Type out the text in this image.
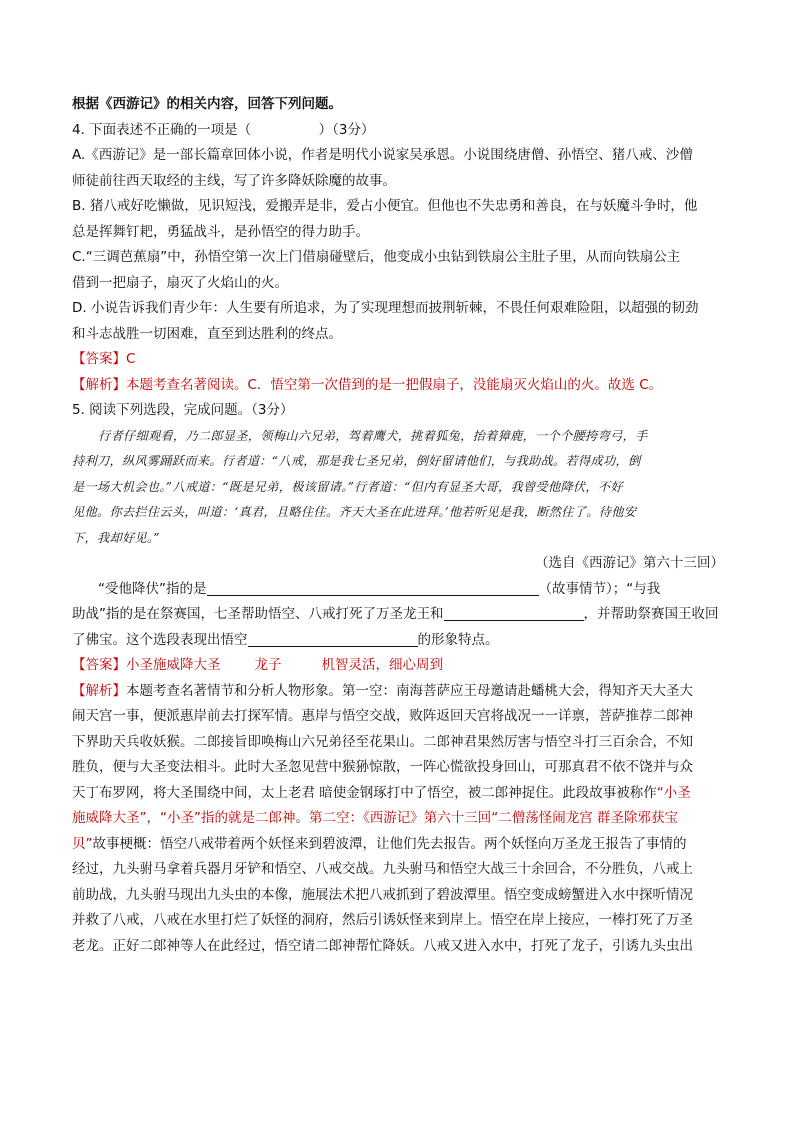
根据《西游记》的相关内容，回答下列问题。
4. 下面表述不正确的一项是（　　　　　）（3分）
A.《西游记》是一部长篇章回体小说，作者是明代小说家吴承恩。小说围绕唐僧、孙悟空、猪八戒、沙僧
师徒前往西天取经的主线，写了许多降妖除魔的故事。
B. 猪八戒好吃懒做，见识短浅，爱搬弄是非，爱占小便宜。但他也不失忠勇和善良，在与妖魔斗争时，他
总是挥舞钉耙，勇猛战斗，是孙悟空的得力助手。
C.“三调芭蕉扇”中，孙悟空第一次上门借扇碰壁后，他变成小虫钻到铁扇公主肚子里，从而向铁扇公主
借到一把扇子，扇灭了火焰山的火。
D. 小说告诉我们青少年：人生要有所追求，为了实现理想而披荆斩棘，不畏任何艰难险阻，以超强的韧劲
和斗志战胜一切困难，直至到达胜利的终点。
【答案】C
【解析】本题考查名著阅读。C．悟空第一次借到的是一把假扇子，没能扇灭火焰山的火。故选 C。
5. 阅读下列选段，完成问题。（3分）
行者仔细观看，乃二郎显圣，领梅山六兄弟，驾着鹰犬，挑着狐兔，抬着獐鹿，一个个腰挎弯弓，手
持利刀，纵风雾踊跃而来。行者道：“八戒，那是我七圣兄弟，倒好留请他们，与我助战。若得成功，倒
是一场大机会也。”八戒道：“既是兄弟，极该留请。”行者道：“但内有显圣大哥，我曾受他降伏，不好
见他。你去拦住云头，叫道：‘真君，且略住住。齐天大圣在此进拜。’他若听见是我，断然住了。待他安
下，我却好见。”
（选自《西游记》第六十三回）
“受他降伏”指的是	（故事情节）；“与我
助战”指的是在祭赛国，七圣帮助悟空、八戒打死了万圣龙王和	，并帮助祭赛国王收回
了佛宝。这个选段表现出悟空	的形象特点。
【答案】小圣施威降大圣	龙子	机智灵活，细心周到
【解析】本题考查名著情节和分析人物形象。第一空：南海菩萨应王母邀请赴蟠桃大会，得知齐天大圣大
闹天宫一事，便派惠岸前去打探军情。惠岸与悟空交战，败阵返回天宫将战况一一详禀，菩萨推荐二郎神
下界助天兵收妖猴。二郎接旨即唤梅山六兄弟径至花果山。二郎神君果然厉害与悟空斗打三百余合，不知
胜负，便与大圣变法相斗。此时大圣忽见营中猴狲惊散，一阵心慌欲投身回山，可那真君不依不饶并与众
天丁布罗网，将大圣围绕中间，太上老君 暗使金钢琢打中了悟空，被二郎神捉住。此段故事被称作“小圣
施威降大圣”，“小圣”指的就是二郎神。第二空：《西游记》第六十三回“二僧荡怪闹龙宫 群圣除邪获宝
贝”故事梗概：悟空八戒带着两个妖怪来到碧波潭，让他们先去报告。两个妖怪向万圣龙王报告了事情的
经过，九头驸马拿着兵器月牙铲和悟空、八戒交战。九头驸马和悟空大战三十余回合，不分胜负，八戒上
前助战，九头驸马现出九头虫的本像，施展法术把八戒抓到了碧波潭里。悟空变成螃蟹进入水中探听情况
并救了八戒，八戒在水里打烂了妖怪的洞府，然后引诱妖怪来到岸上。悟空在岸上接应，一棒打死了万圣
老龙。正好二郎神等人在此经过，悟空请二郎神帮忙降妖。八戒又进入水中，打死了龙子，引诱九头虫出
